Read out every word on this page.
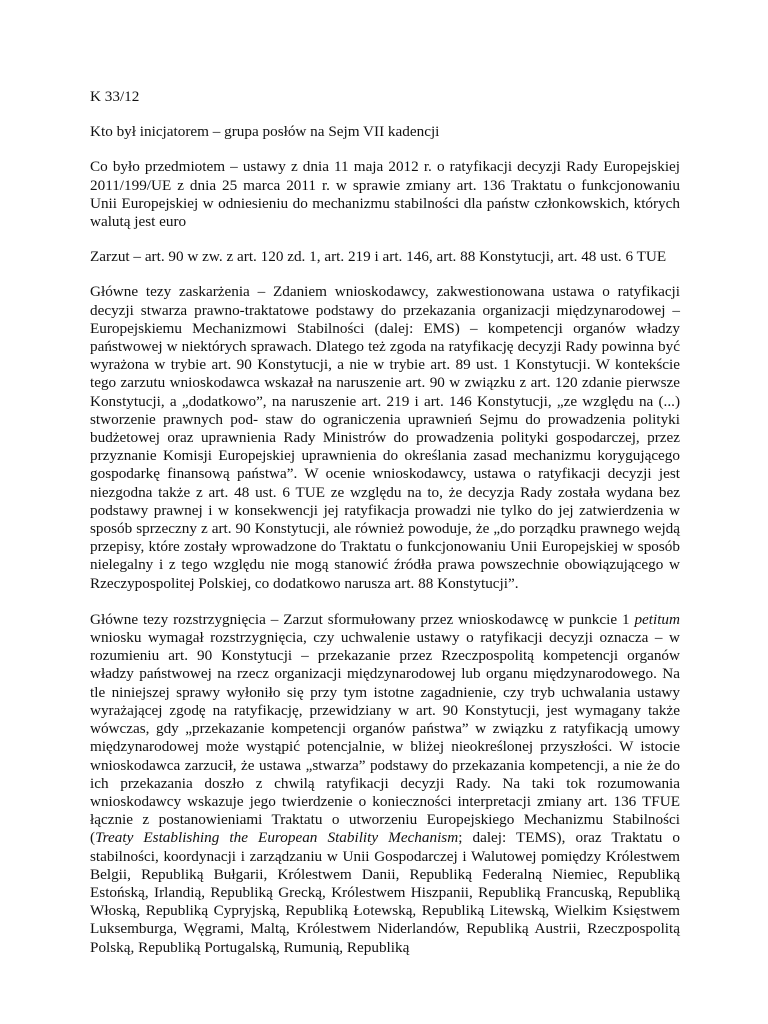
K 33/12

Kto był inicjatorem – grupa posłów na Sejm VII kadencji

Co było przedmiotem – ustawy z dnia 11 maja 2012 r. o ratyfikacji decyzji Rady Europejskiej 2011/199/UE z dnia 25 marca 2011 r. w sprawie zmiany art. 136 Traktatu o funkcjonowaniu Unii Europejskiej w odniesieniu do mechanizmu stabilności dla państw członkowskich, których walutą jest euro

Zarzut – art. 90 w zw. z art. 120 zd. 1, art. 219 i art. 146, art. 88 Konstytucji, art. 48 ust. 6 TUE

Główne tezy zaskarżenia – Zdaniem wnioskodawcy, zakwestionowana ustawa o ratyfikacji decyzji stwarza prawno-traktatowe podstawy do przekazania organizacji międzynarodowej – Europejskiemu Mechanizmowi Stabilności (dalej: EMS) – kompetencji organów władzy państwowej w niektórych sprawach. Dlatego też zgoda na ratyfikację decyzji Rady powinna być wyrażona w trybie art. 90 Konstytucji, a nie w trybie art. 89 ust. 1 Konstytucji. W kontekście tego zarzutu wnioskodawca wskazał na naruszenie art. 90 w związku z art. 120 zdanie pierwsze Konstytucji, a „dodatkowo”, na naruszenie art. 219 i art. 146 Konstytucji, „ze względu na (...) stworzenie prawnych pod- staw do ograniczenia uprawnień Sejmu do prowadzenia polityki budżetowej oraz uprawnienia Rady Ministrów do prowadzenia polityki gospodarczej, przez przyznanie Komisji Europejskiej uprawnienia do określania zasad mechanizmu korygującego gospodarkę finansową państwa”. W ocenie wnioskodawcy, ustawa o ratyfikacji decyzji jest niezgodna także z art. 48 ust. 6 TUE ze względu na to, że decyzja Rady została wydana bez podstawy prawnej i w konsekwencji jej ratyfikacja prowadzi nie tylko do jej zatwierdzenia w sposób sprzeczny z art. 90 Konstytucji, ale również powoduje, że „do porządku prawnego wejdą przepisy, które zostały wprowadzone do Traktatu o funkcjonowaniu Unii Europejskiej w sposób nielegalny i z tego względu nie mogą stanowić źródła prawa powszechnie obowiązującego w Rzeczypospolitej Polskiej, co dodatkowo narusza art. 88 Konstytucji”.

Główne tezy rozstrzygnięcia – Zarzut sformułowany przez wnioskodawcę w punkcie 1 petitum wniosku wymagał rozstrzygnięcia, czy uchwalenie ustawy o ratyfikacji decyzji oznacza – w rozumieniu art. 90 Konstytucji – przekazanie przez Rzeczpospolitą kompetencji organów władzy państwowej na rzecz organizacji międzynarodowej lub organu międzynarodowego. Na tle niniejszej sprawy wyłoniło się przy tym istotne zagadnienie, czy tryb uchwalania ustawy wyrażającej zgodę na ratyfikację, przewidziany w art. 90 Konstytucji, jest wymagany także wówczas, gdy „przekazanie kompetencji organów państwa” w związku z ratyfikacją umowy międzynarodowej może wystąpić potencjalnie, w bliżej nieokreślonej przyszłości. W istocie wnioskodawca zarzucił, że ustawa „stwarza” podstawy do przekazania kompetencji, a nie że do ich przekazania doszło z chwilą ratyfikacji decyzji Rady. Na taki tok rozumowania wnioskodawcy wskazuje jego twierdzenie o konieczności interpretacji zmiany art. 136 TFUE łącznie z postanowieniami Traktatu o utworzeniu Europejskiego Mechanizmu Stabilności (Treaty Establishing the European Stability Mechanism; dalej: TEMS), oraz Traktatu o stabilności, koordynacji i zarządzaniu w Unii Gospodarczej i Walutowej pomiędzy Królestwem Belgii, Republiką Bułgarii, Królestwem Danii, Republiką Federalną Niemiec, Republiką Estońską, Irlandią, Republiką Grecką, Królestwem Hiszpanii, Republiką Francuską, Republiką Włoską, Republiką Cypryjską, Republiką Łotewską, Republiką Litewską, Wielkim Księstwem Luksemburga, Węgrami, Maltą, Królestwem Niderlandów, Republiką Austrii, Rzeczpospolitą Polską, Republiką Portugalską, Rumunią, Republiką
